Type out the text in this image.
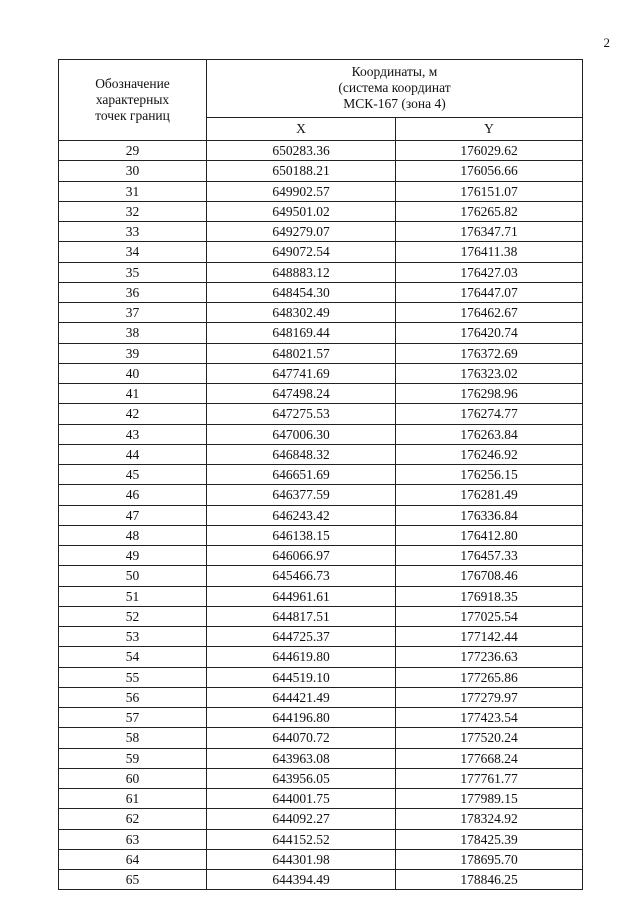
2
Обозначение
характерных
точек границ	Координаты, м
(система координат
МСК-167 (зона 4)	

	X	Y
29	650283.36	176029.62
30	650188.21	176056.66
31	649902.57	176151.07
32	649501.02	176265.82
33	649279.07	176347.71
34	649072.54	176411.38
35	648883.12	176427.03
36	648454.30	176447.07
37	648302.49	176462.67
38	648169.44	176420.74
39	648021.57	176372.69
40	647741.69	176323.02
41	647498.24	176298.96
42	647275.53	176274.77
43	647006.30	176263.84
44	646848.32	176246.92
45	646651.69	176256.15
46	646377.59	176281.49
47	646243.42	176336.84
48	646138.15	176412.80
49	646066.97	176457.33
50	645466.73	176708.46
51	644961.61	176918.35
52	644817.51	177025.54
53	644725.37	177142.44
54	644619.80	177236.63
55	644519.10	177265.86
56	644421.49	177279.97
57	644196.80	177423.54
58	644070.72	177520.24
59	643963.08	177668.24
60	643956.05	177761.77
61	644001.75	177989.15
62	644092.27	178324.92
63	644152.52	178425.39
64	644301.98	178695.70
65	644394.49	178846.25
